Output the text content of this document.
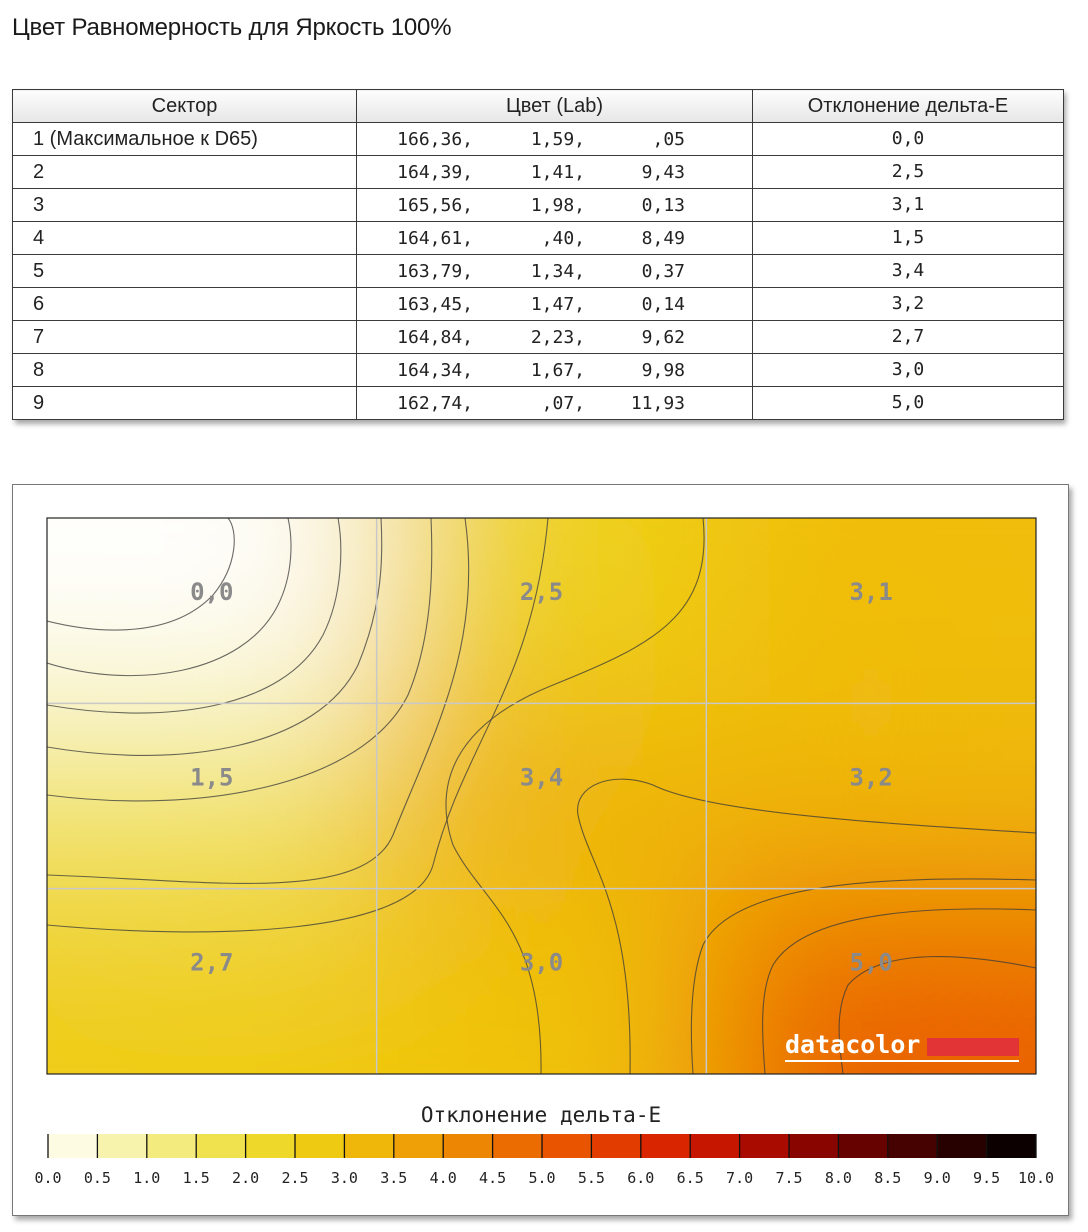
Цвет Равномерность для Яркость 100%
Сектор	Цвет (Lab)	Отклонение дельта-E
1 (Максимальное к D65)	166,36, 1,59, ,05	0,0
2	164,39, 1,41, 9,43	2,5
3	165,56, 1,98, 0,13	3,1
4	164,61, ,40, 8,49	1,5
5	163,79, 1,34, 0,37	3,4
6	163,45, 1,47, 0,14	3,2
7	164,84, 2,23, 9,62	2,7
8	164,34, 1,67, 9,98	3,0
9	162,74, ,07, 11,93	5,0
0,0	2,5	3,1
1,5	3,4	3,2
2,7	3,0	5,0
datacolor
Отклонение дельта-E
0.0 0.5 1.0 1.5 2.0 2.5 3.0 3.5 4.0 4.5 5.0 5.5 6.0 6.5 7.0 7.5 8.0 8.5 9.0 9.5 10.0
